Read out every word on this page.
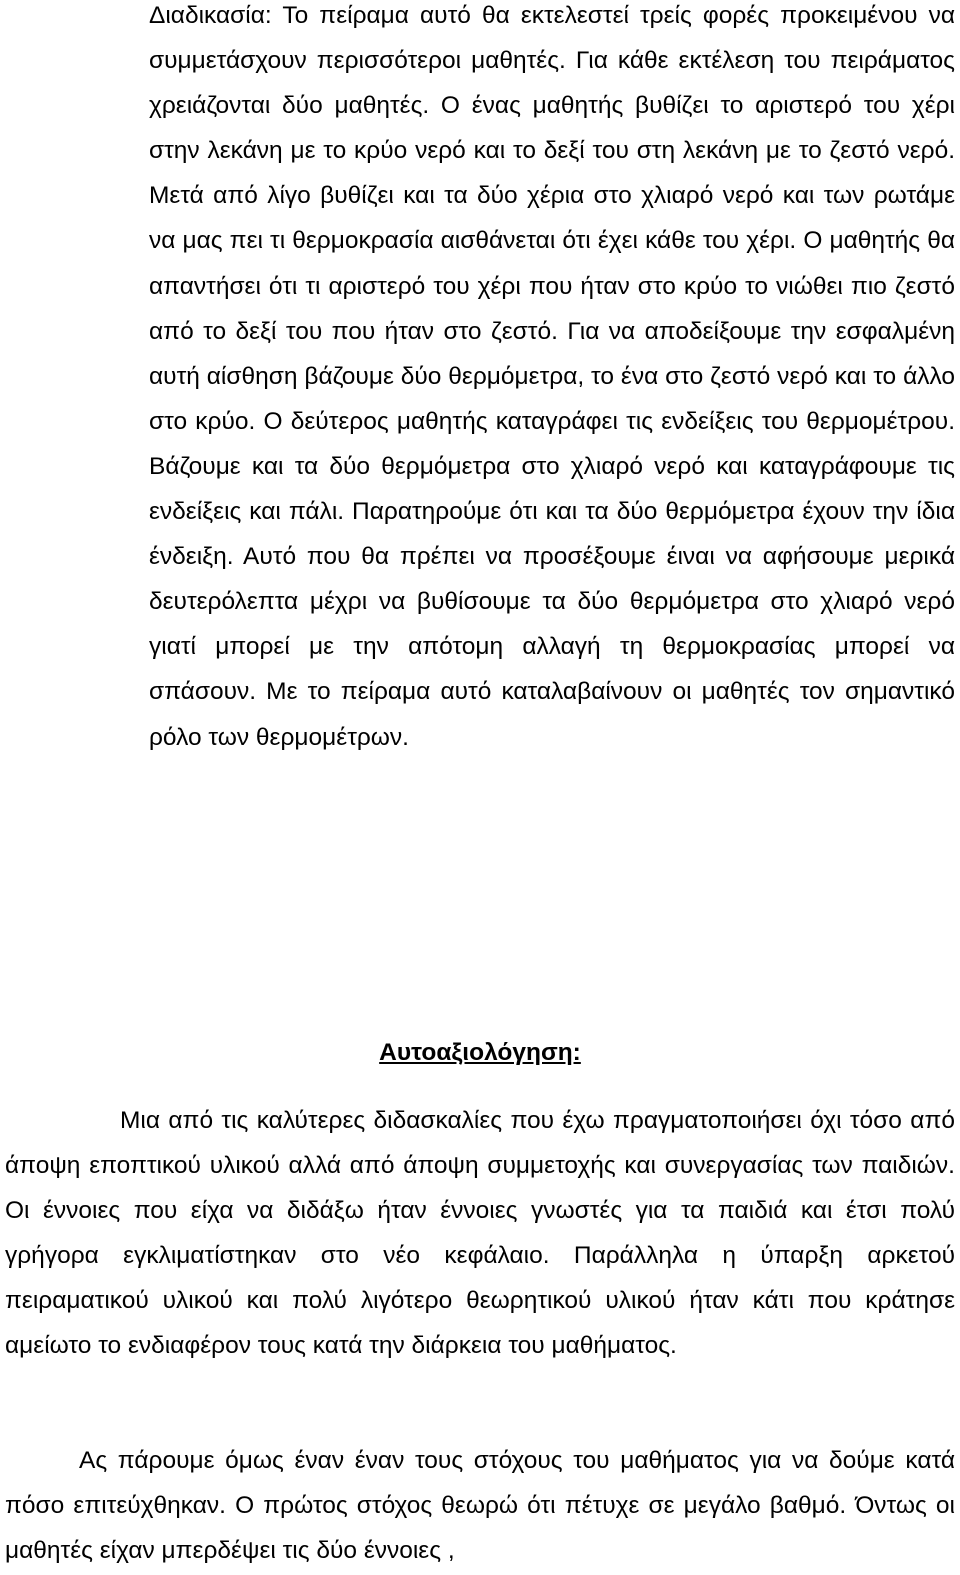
Διαδικασία: Το πείραμα αυτό θα εκτελεστεί τρείς φορές προκειμένου να συμμετάσχουν περισσότεροι μαθητές. Για κάθε εκτέλεση του πειράματος χρειάζονται δύο μαθητές. Ο ένας μαθητής βυθίζει το αριστερό του χέρι στην λεκάνη με το κρύο νερό και το δεξί του στη λεκάνη με το ζεστό νερό. Μετά από λίγο βυθίζει και τα δύο χέρια στο χλιαρό νερό και των ρωτάμε να μας πει τι θερμοκρασία αισθάνεται ότι έχει κάθε του χέρι. Ο μαθητής θα απαντήσει ότι τι αριστερό του χέρι που ήταν στο κρύο το νιώθει πιο ζεστό από το δεξί του που ήταν στο ζεστό. Για να αποδείξουμε την εσφαλμένη αυτή αίσθηση βάζουμε δύο θερμόμετρα, το ένα στο ζεστό νερό και το άλλο στο κρύο. Ο δεύτερος μαθητής καταγράφει τις ενδείξεις του θερμομέτρου. Βάζουμε και τα δύο θερμόμετρα στο χλιαρό νερό και καταγράφουμε τις ενδείξεις και πάλι. Παρατηρούμε ότι και τα δύο θερμόμετρα έχουν την ίδια ένδειξη. Αυτό που θα πρέπει να προσέξουμε έιναι να αφήσουμε μερικά δευτερόλεπτα μέχρι να βυθίσουμε τα δύο θερμόμετρα στο χλιαρό νερό γιατί μπορεί με την απότομη αλλαγή τη θερμοκρασίας μπορεί να σπάσουν. Με το πείραμα αυτό καταλαβαίνουν οι μαθητές τον σημαντικό ρόλο των θερμομέτρων.

Αυτοαξιολόγηση:

Μια από τις καλύτερες διδασκαλίες που έχω πραγματοποιήσει όχι τόσο από άποψη εποπτικού υλικού αλλά από άποψη συμμετοχής και συνεργασίας των παιδιών. Οι έννοιες που είχα να διδάξω ήταν έννοιες γνωστές για τα παιδιά και έτσι πολύ γρήγορα εγκλιματίστηκαν στο νέο κεφάλαιο. Παράλληλα η ύπαρξη αρκετού πειραματικού υλικού και πολύ λιγότερο θεωρητικού υλικού ήταν κάτι που κράτησε αμείωτο το ενδιαφέρον τους κατά την διάρκεια του μαθήματος.

Ας πάρουμε όμως έναν έναν τους στόχους του μαθήματος για να δούμε κατά πόσο επιτεύχθηκαν. Ο πρώτος στόχος θεωρώ ότι πέτυχε σε μεγάλο βαθμό. Όντως οι μαθητές είχαν μπερδέψει τις δύο έννοιες ,
